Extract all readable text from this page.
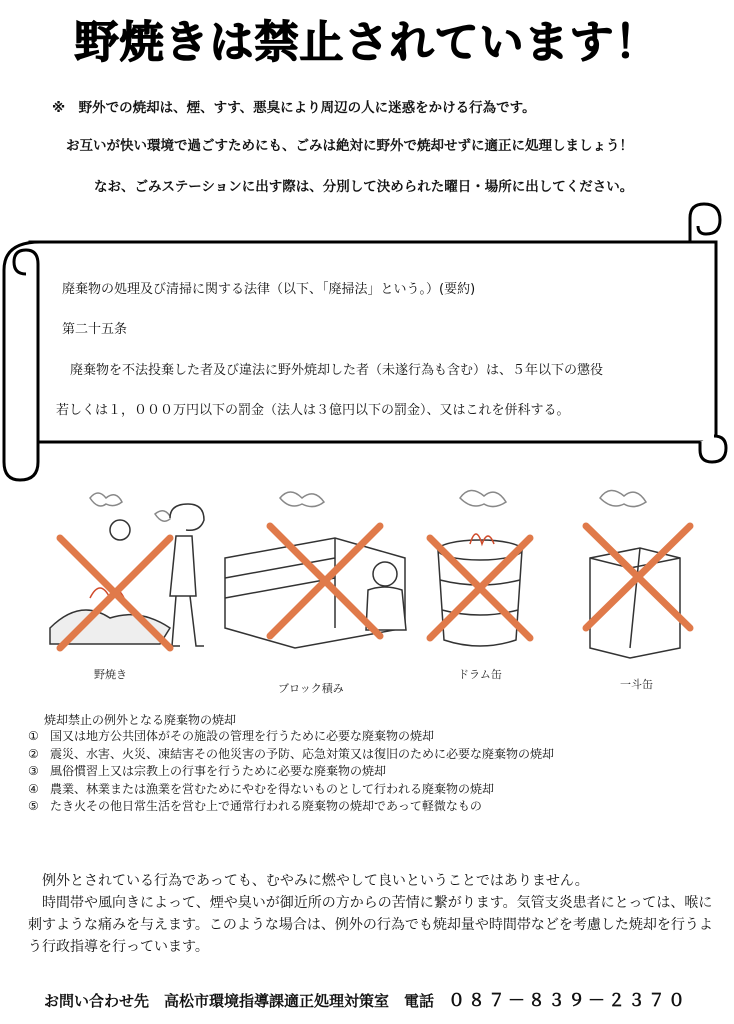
野焼きは禁止されています！
※　野外での焼却は、煙、すす、悪臭により周辺の人に迷惑をかける行為です。
お互いが快い環境で過ごすためにも、ごみは絶対に野外で焼却せずに適正に処理しましょう！
なお、ごみステーションに出す際は、分別して決められた曜日・場所に出してください。
廃棄物の処理及び清掃に関する法律（以下、「廃掃法」という。）(要約)
第二十五条
廃棄物を不法投棄した者及び違法に野外焼却した者（未遂行為も含む）は、５年以下の懲役
若しくは１，０００万円以下の罰金（法人は３億円以下の罰金）、又はこれを併科する。
野焼き
ブロック積み
ドラム缶
一斗缶
焼却禁止の例外となる廃棄物の焼却
① 国又は地方公共団体がその施設の管理を行うために必要な廃棄物の焼却
② 震災、水害、火災、凍結害その他災害の予防、応急対策又は復旧のために必要な廃棄物の焼却
③ 風俗慣習上又は宗教上の行事を行うために必要な廃棄物の焼却
④ 農業、林業または漁業を営むためにやむを得ないものとして行われる廃棄物の焼却
⑤ たき火その他日常生活を営む上で通常行われる廃棄物の焼却であって軽微なもの
例外とされている行為であっても、むやみに燃やして良いということではありません。
時間帯や風向きによって、煙や臭いが御近所の方からの苦情に繋がります。気管支炎患者にとっては、喉に刺すような痛みを与えます。このような場合は、例外の行為でも焼却量や時間帯などを考慮した焼却を行うよう行政指導を行っています。
お問い合わせ先　高松市環境指導課適正処理対策室　電話 ０８７－８３９－２３７０
